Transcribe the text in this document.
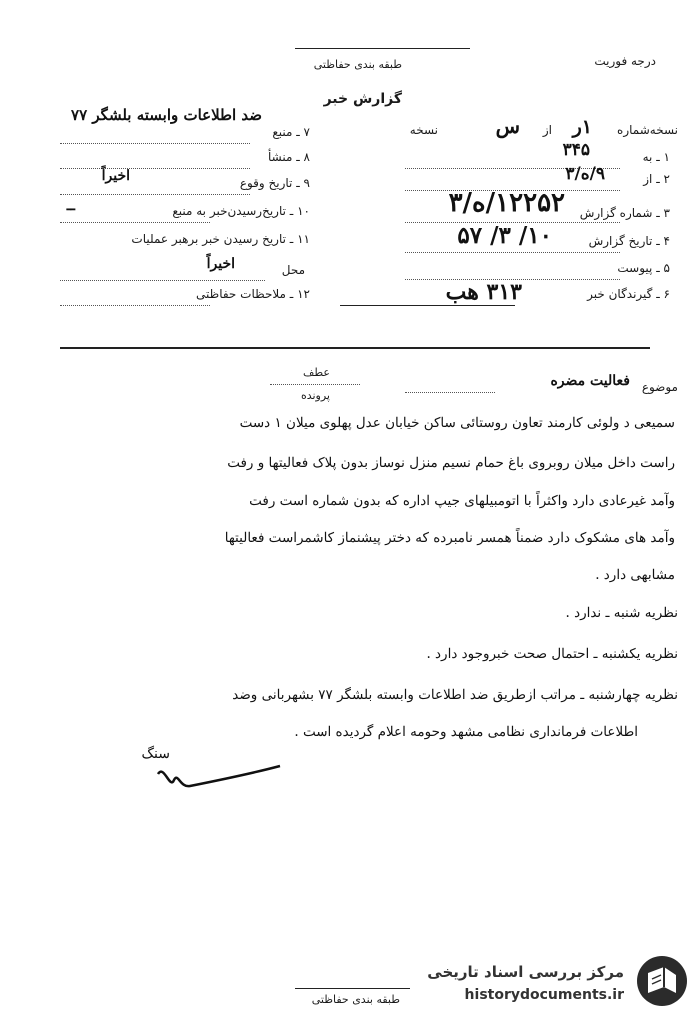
طبقه بندی حفاظتی	درجه فوریت
گزارش خبر
ضد اطلاعات وابسته بلشگر ۷۷
نسخه‌شماره
۱ر
از
س
نسخه
۱ ـ به
۳۴۵
۲ ـ از
۹/ه/۳
۳ ـ شماره گزارش
۱۲۲۵۲/ه/۳
۴ ـ تاریخ گزارش
۱۰/ ۳/ ۵۷
۵ ـ پیوست
۶ ـ گیرندگان خبر
۳۱۳ هب
۷ ـ منبع
۸ ـ منشأ
۹ ـ تاریخ وقوع
اخیراً
۱۰ ـ تاریخ‌رسیدن‌خبر به منبع
ــ
۱۱ ـ تاریخ رسیدن خبر برهبر عملیات
محل
اخیراً
۱۲ ـ ملاحظات حفاظتی
عطف
پرونده
موضوع
فعالیت مضره
سمیعی د ولوئی کارمند تعاون روستائی ساکن خیابان عدل پهلوی میلان ۱ دست
راست داخل میلان روبروی باغ حمام نسیم منزل نوساز بدون پلاک فعالیتها و رفت
وآمد غیرعادی دارد واکثراً با اتومبیلهای جیپ اداره که بدون شماره است رفت
وآمد های مشکوک دارد ضمناً همسر نامبرده که دختر پیشنماز کاشمراست فعالیتها
مشابهی دارد .
نظریه شنبه ـ ندارد .
نظریه یکشنبه ـ احتمال صحت خبروجود دارد .
نظریه چهارشنبه ـ مراتب ازطریق ضد اطلاعات وابسته بلشگر ۷۷ بشهربانی وضد
اطلاعات فرمانداری نظامی مشهد وحومه اعلام گردیده است .
سنگ
مرکز بررسی اسناد تاریخی
historydocuments.ir
طبقه بندی حفاظتی
